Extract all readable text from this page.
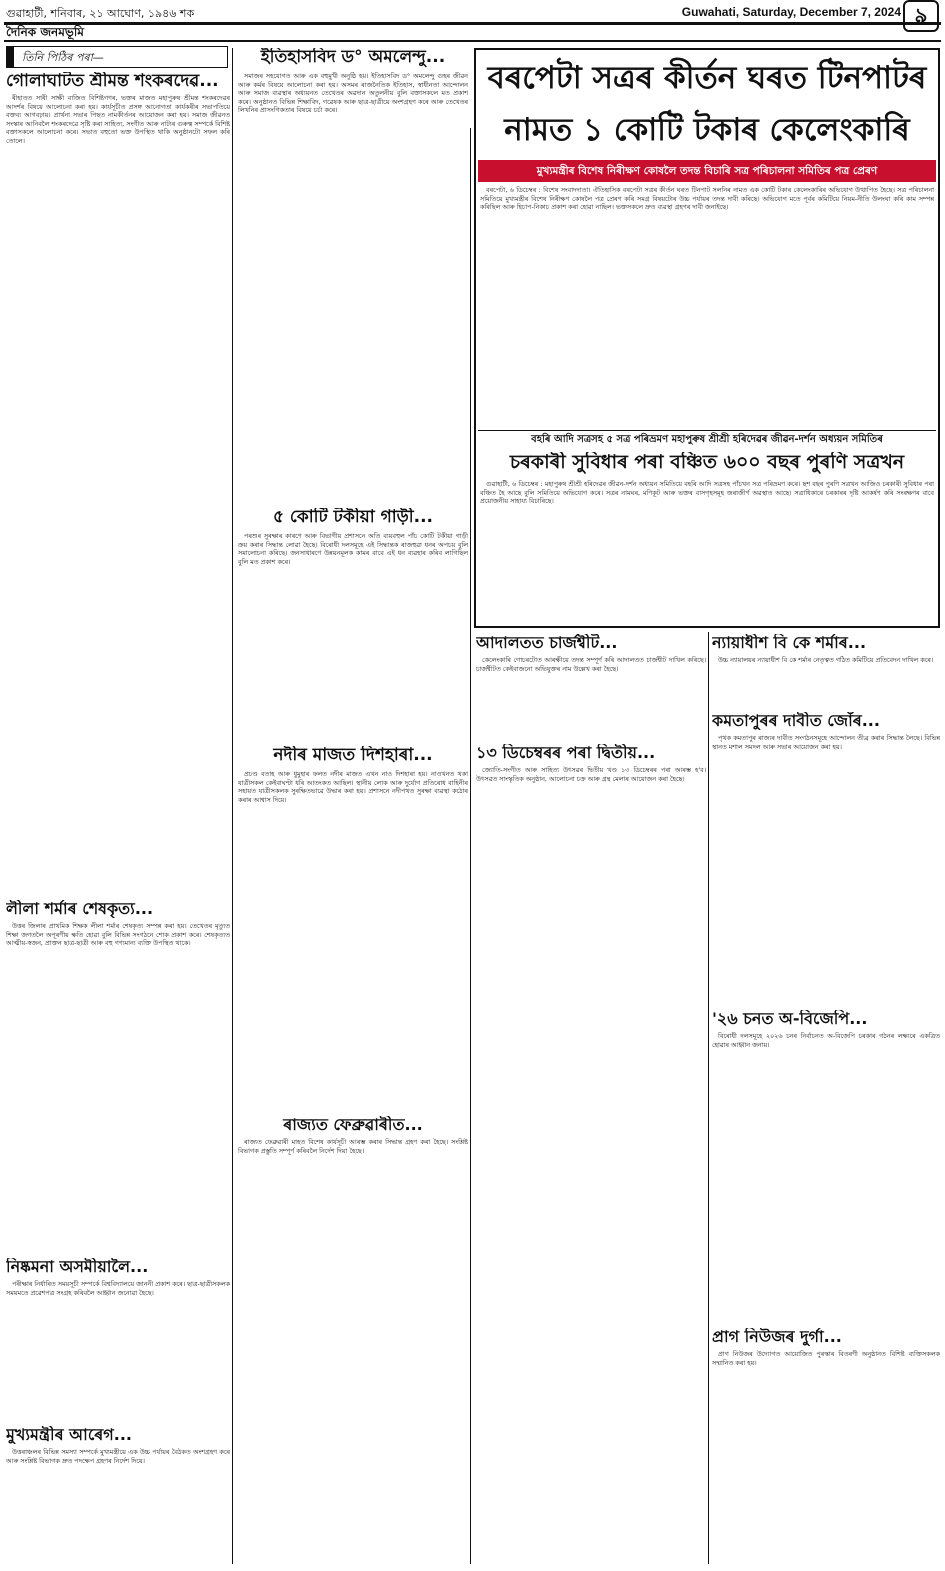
গুৱাহাটী, শনিবাৰ, ২১ আঘোণ, ১৯৪৬ শক	Guwahati, Saturday, December 7, 2024 ৯
দৈনিক জনমভূমি
তিনি পিঠিৰ পৰা—
গোলাঘাটত শ্ৰীমন্ত শংকৰদেৱ...

ৰীহাতত সাৰী সাক্ষী বাজিত বিশিষ্টগণৰ, ভক্তৰ মাজত মহাপুৰুষ শ্ৰীমন্ত শংকৰদেৱৰ আদৰ্শৰ বিষয়ে আলোচনা কৰা হয়। কাৰ্যসূচীত প্ৰসঙ্গ আনোগতা কাৰ্যকৰীৰ সভাপতিয়ে বক্তব্য আগবঢ়ায়। প্ৰাৰ্থনা সভাৰ পিছত নামকীৰ্তনৰ আয়োজন কৰা হয়। সমাজ জীৱনত সংস্কাৰ আনিবলৈ শংকৰদেৱে সৃষ্টি কৰা সাহিত্য, সংগীত আৰু নাট্যৰ গুৰুত্ব সম্পৰ্কে বিশিষ্ট বক্তাসকলে আলোচনা কৰে। সভাত বহুতো ভক্ত উপস্থিত থাকি অনুষ্ঠানটো সফল কৰি তোলে।

ইতিহাসবিদ ড° অমলেন্দু...

সমাজৰ সহযোগত আৰু এক বহুমুখী অনুষ্ঠি হয়। ইতিহাসবিদ ড° অমলেন্দু গুহৰ জীৱন আৰু কৰ্মৰ বিষয়ে আলোচনা কৰা হয়। অসমৰ ৰাজনৈতিক ইতিহাস, স্বাধীনতা আন্দোলন আৰু সমাজ ব্যৱস্থাৰ অধ্যয়নত তেখেতৰ অৱদান অতুলনীয় বুলি বক্তাসকলে মত প্ৰকাশ কৰে। অনুষ্ঠানত বিভিন্ন শিক্ষাবিদ, গৱেষক আৰু ছাত্ৰ-ছাত্ৰীয়ে অংশগ্ৰহণ কৰে আৰু তেখেতৰ লিখনিৰ প্ৰাসংগিকতাৰ বিষয়ে চৰ্চা কৰে।

বৰপেটা সত্ৰৰ কীৰ্তন ঘৰত টিনপাটৰ নামত ১ কোটি টকাৰ কেলেংকাৰি
মুখ্যমন্ত্ৰীৰ বিশেষ নিৰীক্ষণ কোষলৈ তদন্ত বিচাৰি সত্ৰ পৰিচালনা সমিতিৰ পত্ৰ প্ৰেৰণ

বৰপেটা, ৬ ডিচেম্বৰ : বিশেষ সংবাদদাতা। ঐতিহাসিক বৰপেটা সত্ৰৰ কীৰ্তন ঘৰত টিনপাট সলনিৰ নামত এক কোটি টকাৰ কেলেংকাৰিৰ অভিযোগ উত্থাপিত হৈছে। সত্ৰ পৰিচালনা সমিতিয়ে মুখ্যমন্ত্ৰীৰ বিশেষ নিৰীক্ষণ কোষলৈ পত্ৰ প্ৰেৰণ কৰি সমগ্ৰ বিষয়টোৰ উচ্চ পৰ্যায়ৰ তদন্ত দাবী কৰিছে। অভিযোগ মতে পূৰ্বৰ কমিটিয়ে নিয়ম-নীতি উলংঘা কৰি কাম সম্পন্ন কৰিছিল আৰু হিচাপ-নিকাচ প্ৰকাশ কৰা হোৱা নাছিল। ভক্তসকলে দ্ৰুত ব্যৱস্থা গ্ৰহণৰ দাবী জনাইছে।

বহৰি আদি সত্ৰসহ ৫ সত্ৰ পৰিভ্ৰমণ মহাপুৰুষ শ্ৰীশ্ৰী হৰিদেৱৰ জীৱন-দৰ্শন অধ্যয়ন সমিতিৰ
চৰকাৰী সুবিধাৰ পৰা বঞ্চিত ৬০০ বছৰ পুৰণি সত্ৰখন

গুৱাহাটী, ৬ ডিচেম্বৰ : মহাপুৰুষ শ্ৰীশ্ৰী হৰিদেৱৰ জীৱন-দৰ্শন অধ্যয়ন সমিতিয়ে বহৰি আদি সত্ৰসহ পাঁচখন সত্ৰ পৰিভ্ৰমণ কৰে। ছশ বছৰ পুৰণি সত্ৰখন আজিও চৰকাৰী সুবিধাৰ পৰা বঞ্চিত হৈ আছে বুলি সমিতিয়ে অভিযোগ কৰে। সত্ৰৰ নামঘৰ, মণিকূট আৰু ভক্তৰ বাসগৃহসমূহ জৰাজীৰ্ণ অৱস্থাত আছে। সত্ৰাধিকাৰে চৰকাৰৰ দৃষ্টি আকৰ্ষণ কৰি সংৰক্ষণৰ বাবে প্ৰয়োজনীয় সাহায্য বিচাৰিছে।

৫ কোটি টকীয়া গাড়ী...

পৰশুৰ সুৰক্ষাৰ কাৰণে আৰু বিভাগীয় প্ৰশাসনে অতি ব্যয়বহুল পাঁচ কোটি টকীয়া গাড়ী ক্ৰয় কৰাৰ সিদ্ধান্ত লোৱা হৈছে। বিৰোধী দলসমূহে এই সিদ্ধান্তক ৰাজহুৱা ধনৰ অপচয় বুলি সমালোচনা কৰিছে। জনসাধাৰণে উন্নয়নমূলক কামৰ বাবে এই ধন ব্যৱহাৰ কৰিব লাগিছিল বুলি মত প্ৰকাশ কৰে।

নদীৰ মাজত দিশহাৰা...

প্ৰচণ্ড বতাহ আৰু ধুমুহাৰ ফলত নদীৰ মাজত এখন নাও দিশহাৰা হয়। নাওখনত থকা যাত্ৰীসকল কেইবাঘণ্টা ধৰি আতংকত আছিল। স্থানীয় লোক আৰু দুৰ্যোগ প্ৰতিৰোধ বাহিনীৰ সহায়ত যাত্ৰীসকলক সুৰক্ষিতভাৱে উদ্ধাৰ কৰা হয়। প্ৰশাসনে নদীপথত সুৰক্ষা ব্যৱস্থা কঠোৰ কৰাৰ আশ্বাস দিয়ে।

আদালতত চাৰ্জশ্বীট...

কেলেংকাৰি গোচৰটোত আৰক্ষীয়ে তদন্ত সম্পূৰ্ণ কৰি আদালতত চাৰ্জশ্বীট দাখিল কৰিছে। চাৰ্জশ্বীটত কেইবাজনো অভিযুক্তৰ নাম উল্লেখ কৰা হৈছে।

ন্যায়াধীশ বি কে শৰ্মাৰ...

উচ্চ ন্যায়ালয়ৰ ন্যায়াধীশ বি কে শৰ্মাৰ নেতৃত্বত গঠিত কমিটিয়ে প্ৰতিবেদন দাখিল কৰে।

১৩ ডিচেম্বৰৰ পৰা দ্বিতীয়...

জ্যোতি-সংগীত আৰু সাহিত্য উৎসৱৰ দ্বিতীয় খণ্ড ১৩ ডিচেম্বৰৰ পৰা আৰম্ভ হ'ব। উৎসৱত সাংস্কৃতিক অনুষ্ঠান, আলোচনা চক্ৰ আৰু গ্ৰন্থ মেলাৰ আয়োজন কৰা হৈছে।

কমতাপুৰৰ দাবীত জোঁৰ...

পৃথক কমতাপুৰ ৰাজ্যৰ দাবীত সংগঠনসমূহে আন্দোলন তীব্ৰ কৰাৰ সিদ্ধান্ত লৈছে। বিভিন্ন স্থানত মশাল সমদল আৰু সভাৰ আয়োজন কৰা হয়।

'২৬ চনত অ-বিজেপি...

বিৰোধী দলসমূহে ২০২৬ চনৰ নিৰ্বাচনত অ-বিজেপি চৰকাৰ গঠনৰ লক্ষ্যৰে একত্ৰিত হোৱাৰ আহ্বান জনায়।

প্ৰাগ নিউজৰ দুৰ্গা...

প্ৰাগ নিউজৰ উদ্যোগত আয়োজিত পুৰস্কাৰ বিতৰণী অনুষ্ঠানত বিশিষ্ট ব্যক্তিসকলক সম্মানিত কৰা হয়।

লীলা শৰ্মাৰ শেষকৃত্য...

উত্তৰ জিলাৰ প্ৰাথমিক শিক্ষক লীলা শৰ্মাৰ শেষকৃত্য সম্পন্ন কৰা হয়। তেখেতৰ মৃত্যুত শিক্ষা জগতলৈ অপূৰণীয় ক্ষতি হোৱা বুলি বিভিন্ন সংগঠনে শোক প্ৰকাশ কৰে। শেষকৃত্যত আত্মীয়-স্বজন, প্ৰাক্তন ছাত্ৰ-ছাত্ৰী আৰু বহু গণ্যমান্য ব্যক্তি উপস্থিত থাকে।

নিষ্কমনা অসমীয়ালৈ...

পৰীক্ষাৰ নিৰ্ধাৰিত সময়সূচী সম্পৰ্কে বিশ্ববিদ্যালয়ে জাননী প্ৰকাশ কৰে। ছাত্ৰ-ছাত্ৰীসকলক সময়মতে প্ৰৱেশপত্ৰ সংগ্ৰহ কৰিবলৈ আহ্বান জনোৱা হৈছে।

মুখ্যমন্ত্ৰীৰ আৰেগ...

উত্তৰাঞ্চলৰ বিভিন্ন সমস্যা সম্পৰ্কে মুখ্যমন্ত্ৰীয়ে এক উচ্চ পৰ্যায়ৰ বৈঠকত অংশগ্ৰহণ কৰে আৰু সংশ্লিষ্ট বিভাগক দ্ৰুত পদক্ষেপ গ্ৰহণৰ নিৰ্দেশ দিয়ে।

ৰাজ্যত ফেব্ৰুৱাৰীত...

ৰাজ্যত ফেব্ৰুৱাৰী মাহত বিশেষ কাৰ্যসূচী আৰম্ভ কৰাৰ সিদ্ধান্ত গ্ৰহণ কৰা হৈছে। সংশ্লিষ্ট বিভাগক প্ৰস্তুতি সম্পূৰ্ণ কৰিবলৈ নিৰ্দেশ দিয়া হৈছে।
